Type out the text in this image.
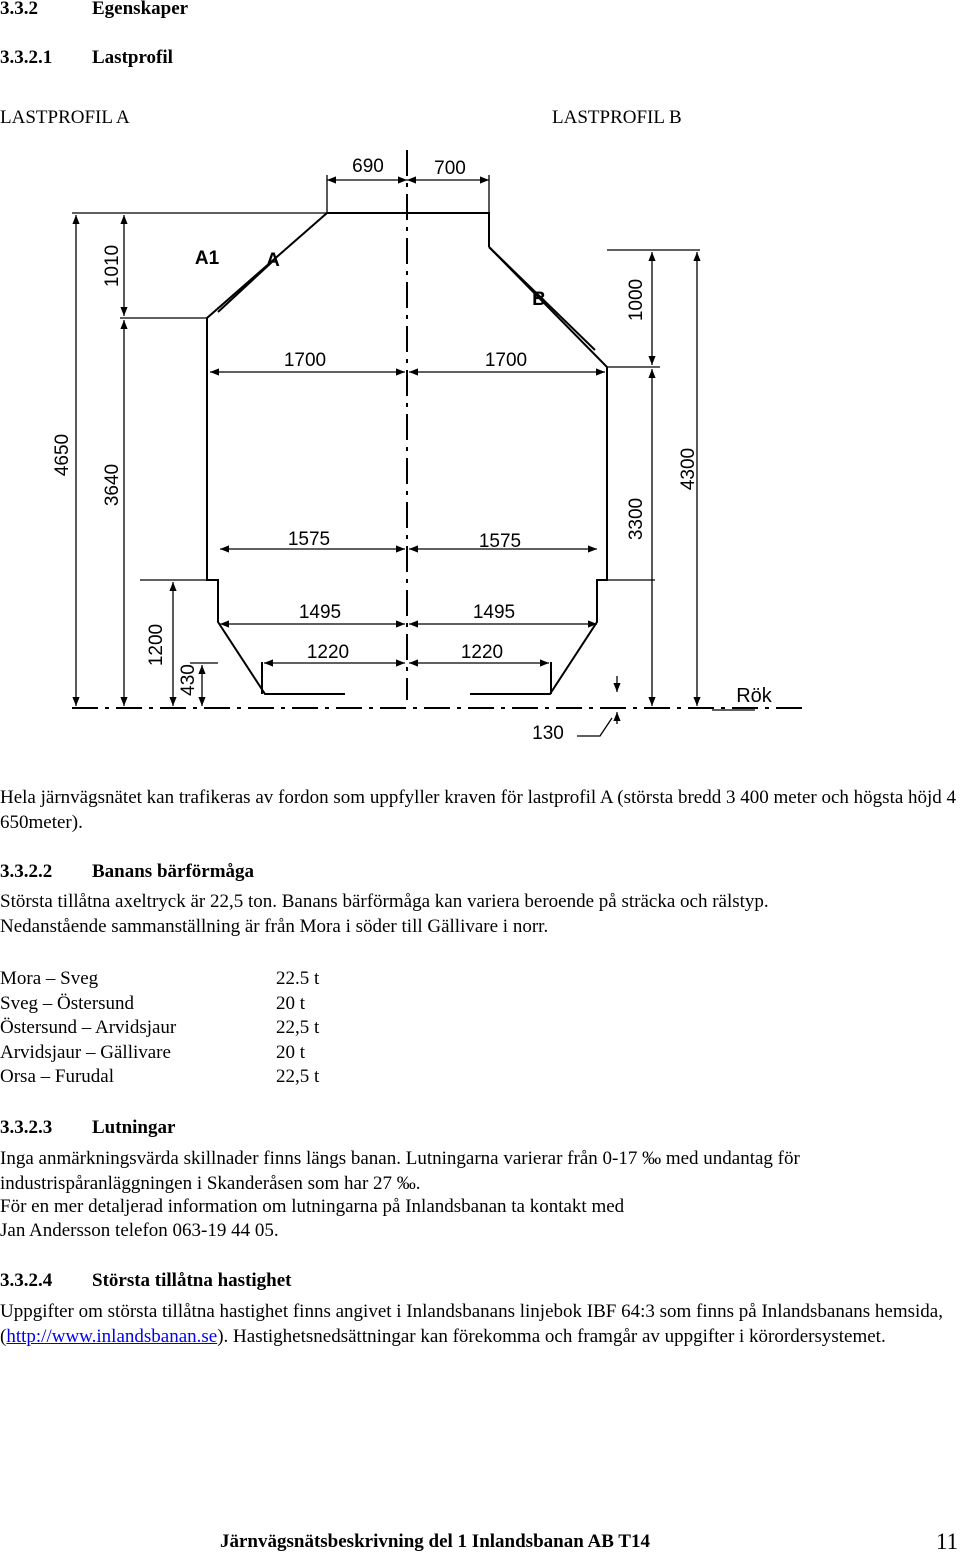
3.3.2	Egenskaper
3.3.2.1 Lastprofil
LASTPROFIL A	LASTPROFIL B
690	700
1700	1700
1575	1575
1495	1495
1220	1220
130
1010
4650
3640
1000
4300
3300
1200
430
A1 A
B
Rök
Hela järnvägsnätet kan trafikeras av fordon som uppfyller kraven för lastprofil A (största bredd 3 400 meter och högsta höjd 4 650meter).
3.3.2.2 Banans bärförmåga
Största tillåtna axeltryck är 22,5 ton. Banans bärförmåga kan variera beroende på sträcka och rälstyp.
Nedanstående sammanställning är från Mora i söder till Gällivare i norr.
Mora – Sveg	22.5 t
Sveg – Östersund	20 t
Östersund – Arvidsjaur	22,5 t
Arvidsjaur – Gällivare	20 t
Orsa – Furudal	22,5 t
3.3.2.3 Lutningar
Inga anmärkningsvärda skillnader finns längs banan. Lutningarna varierar från 0-17 ‰ med undantag för industrispåranläggningen i Skanderåsen som har 27 ‰.
För en mer detaljerad information om lutningarna på Inlandsbanan ta kontakt med
Jan Andersson telefon 063-19 44 05.
3.3.2.4 Största tillåtna hastighet
Uppgifter om största tillåtna hastighet finns angivet i Inlandsbanans linjebok IBF 64:3 som finns på Inlandsbanans hemsida, (http://www.inlandsbanan.se). Hastighetsnedsättningar kan förekomma och framgår av uppgifter i körordersystemet.
Järnvägsnätsbeskrivning del 1 Inlandsbanan AB T14	11
